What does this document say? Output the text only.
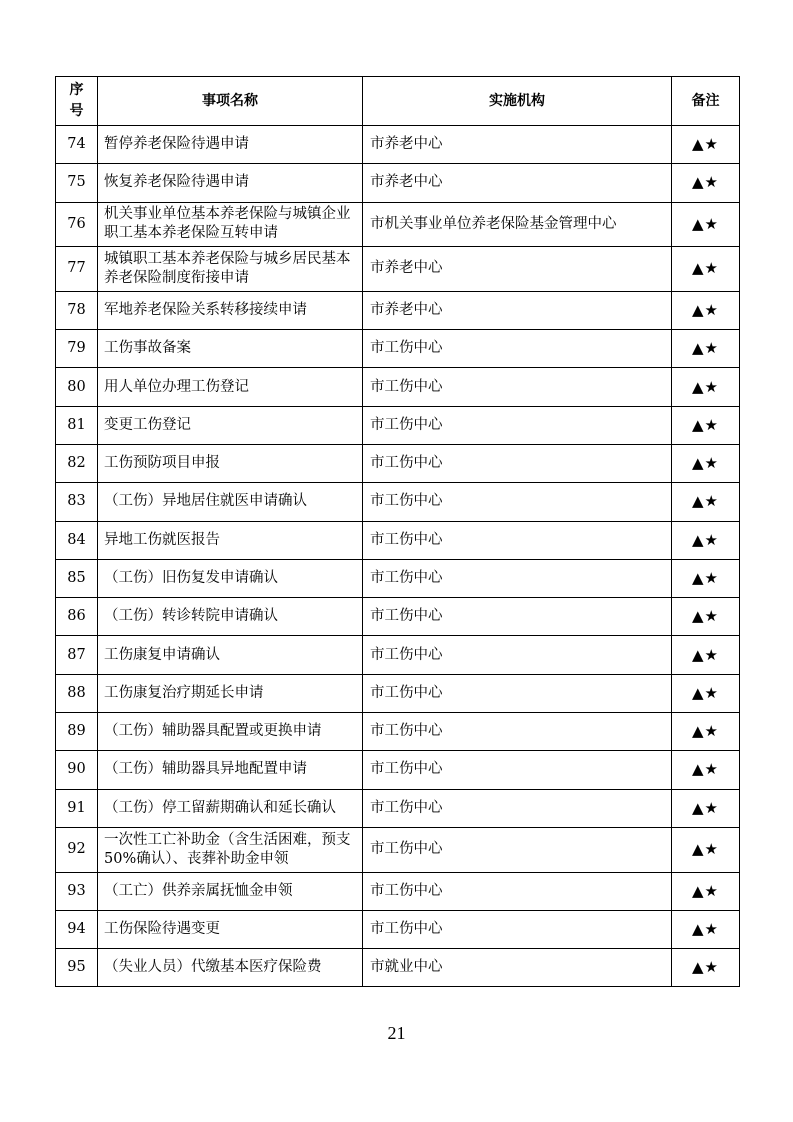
序号	事项名称	实施机构	备注
74	暂停养老保险待遇申请	市养老中心	▲★
75	恢复养老保险待遇申请	市养老中心	▲★
76	机关事业单位基本养老保险与城镇企业职工基本养老保险互转申请	市机关事业单位养老保险基金管理中心	▲★
77	城镇职工基本养老保险与城乡居民基本养老保险制度衔接申请	市养老中心	▲★
78	军地养老保险关系转移接续申请	市养老中心	▲★
79	工伤事故备案	市工伤中心	▲★
80	用人单位办理工伤登记	市工伤中心	▲★
81	变更工伤登记	市工伤中心	▲★
82	工伤预防项目申报	市工伤中心	▲★
83	（工伤）异地居住就医申请确认	市工伤中心	▲★
84	异地工伤就医报告	市工伤中心	▲★
85	（工伤）旧伤复发申请确认	市工伤中心	▲★
86	（工伤）转诊转院申请确认	市工伤中心	▲★
87	工伤康复申请确认	市工伤中心	▲★
88	工伤康复治疗期延长申请	市工伤中心	▲★
89	（工伤）辅助器具配置或更换申请	市工伤中心	▲★
90	（工伤）辅助器具异地配置申请	市工伤中心	▲★
91	（工伤）停工留薪期确认和延长确认	市工伤中心	▲★
92	一次性工亡补助金（含生活困难，预支 50%确认）、丧葬补助金申领	市工伤中心	▲★
93	（工亡）供养亲属抚恤金申领	市工伤中心	▲★
94	工伤保险待遇变更	市工伤中心	▲★
95	（失业人员）代缴基本医疗保险费	市就业中心	▲★
21
